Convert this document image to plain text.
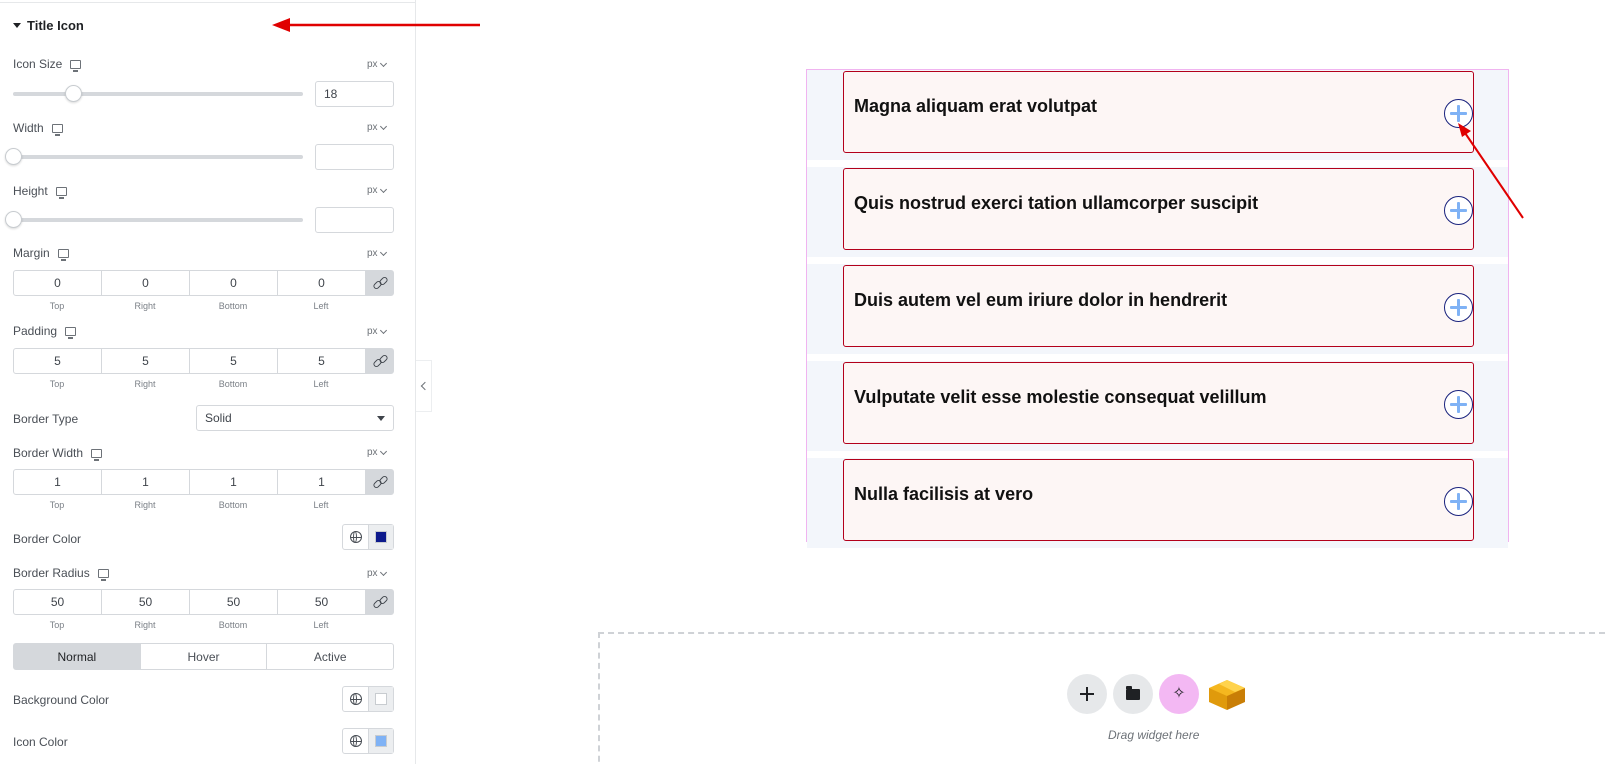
Title Icon
Icon Size	px
18
Width	px
Height	px
Margin	px
0	0	0	0
Top	Right	Bottom	Left
Padding	px
5	5	5	5
Top	Right	Bottom	Left
Border Type	Solid
Border Width	px
1	1	1	1
Top	Right	Bottom	Left
Border Color
Border Radius	px
50	50	50	50
Top	Right	Bottom	Left
Normal	Hover	Active
Background Color
Icon Color
Magna aliquam erat volutpat
Quis nostrud exerci tation ullamcorper suscipit
Duis autem vel eum iriure dolor in hendrerit
Vulputate velit esse molestie consequat velillum
Nulla facilisis at vero
✧
Drag widget here
